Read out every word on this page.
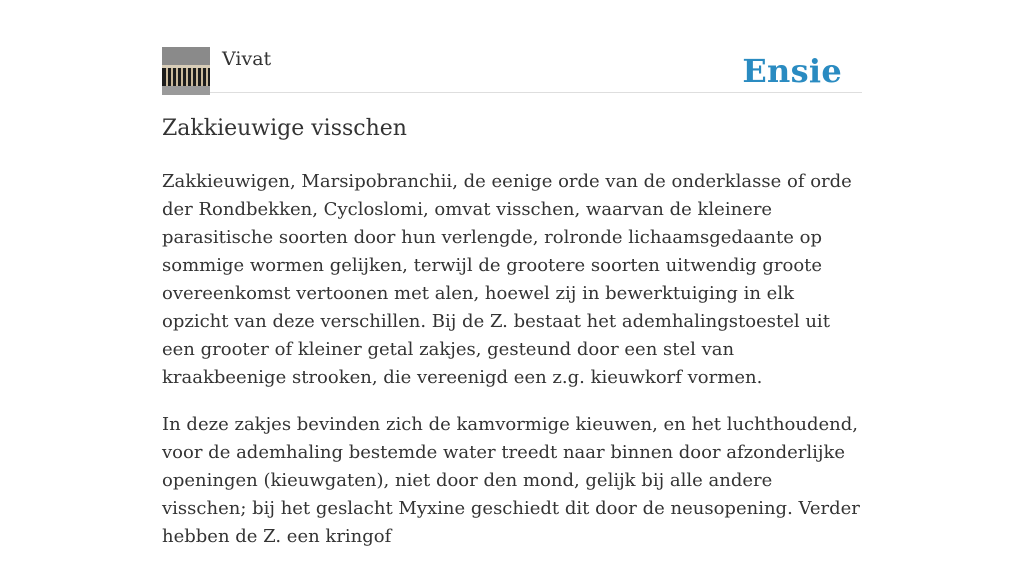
Vivat	Ensie
Zakkieuwige visschen

Zakkieuwigen, Marsipobranchii, de eenige orde van de onderklasse of orde der Rondbekken, Cycloslomi, omvat visschen, waarvan de kleinere parasitische soorten door hun verlengde, rolronde lichaamsgedaante op sommige wormen gelijken, terwijl de grootere soorten uitwendig groote overeenkomst vertoonen met alen, hoewel zij in bewerktuiging in elk opzicht van deze verschillen. Bij de Z. bestaat het ademhalingstoestel uit een grooter of kleiner getal zakjes, gesteund door een stel van kraakbeenige strooken, die vereenigd een z.g. kieuwkorf vormen.

In deze zakjes bevinden zich de kamvormige kieuwen, en het luchthoudend, voor de ademhaling bestemde water treedt naar binnen door afzonderlijke openingen (kieuwgaten), niet door den mond, gelijk bij alle andere visschen; bij het geslacht Myxine geschiedt dit door de neusopening. Verder hebben de Z. een kringof
